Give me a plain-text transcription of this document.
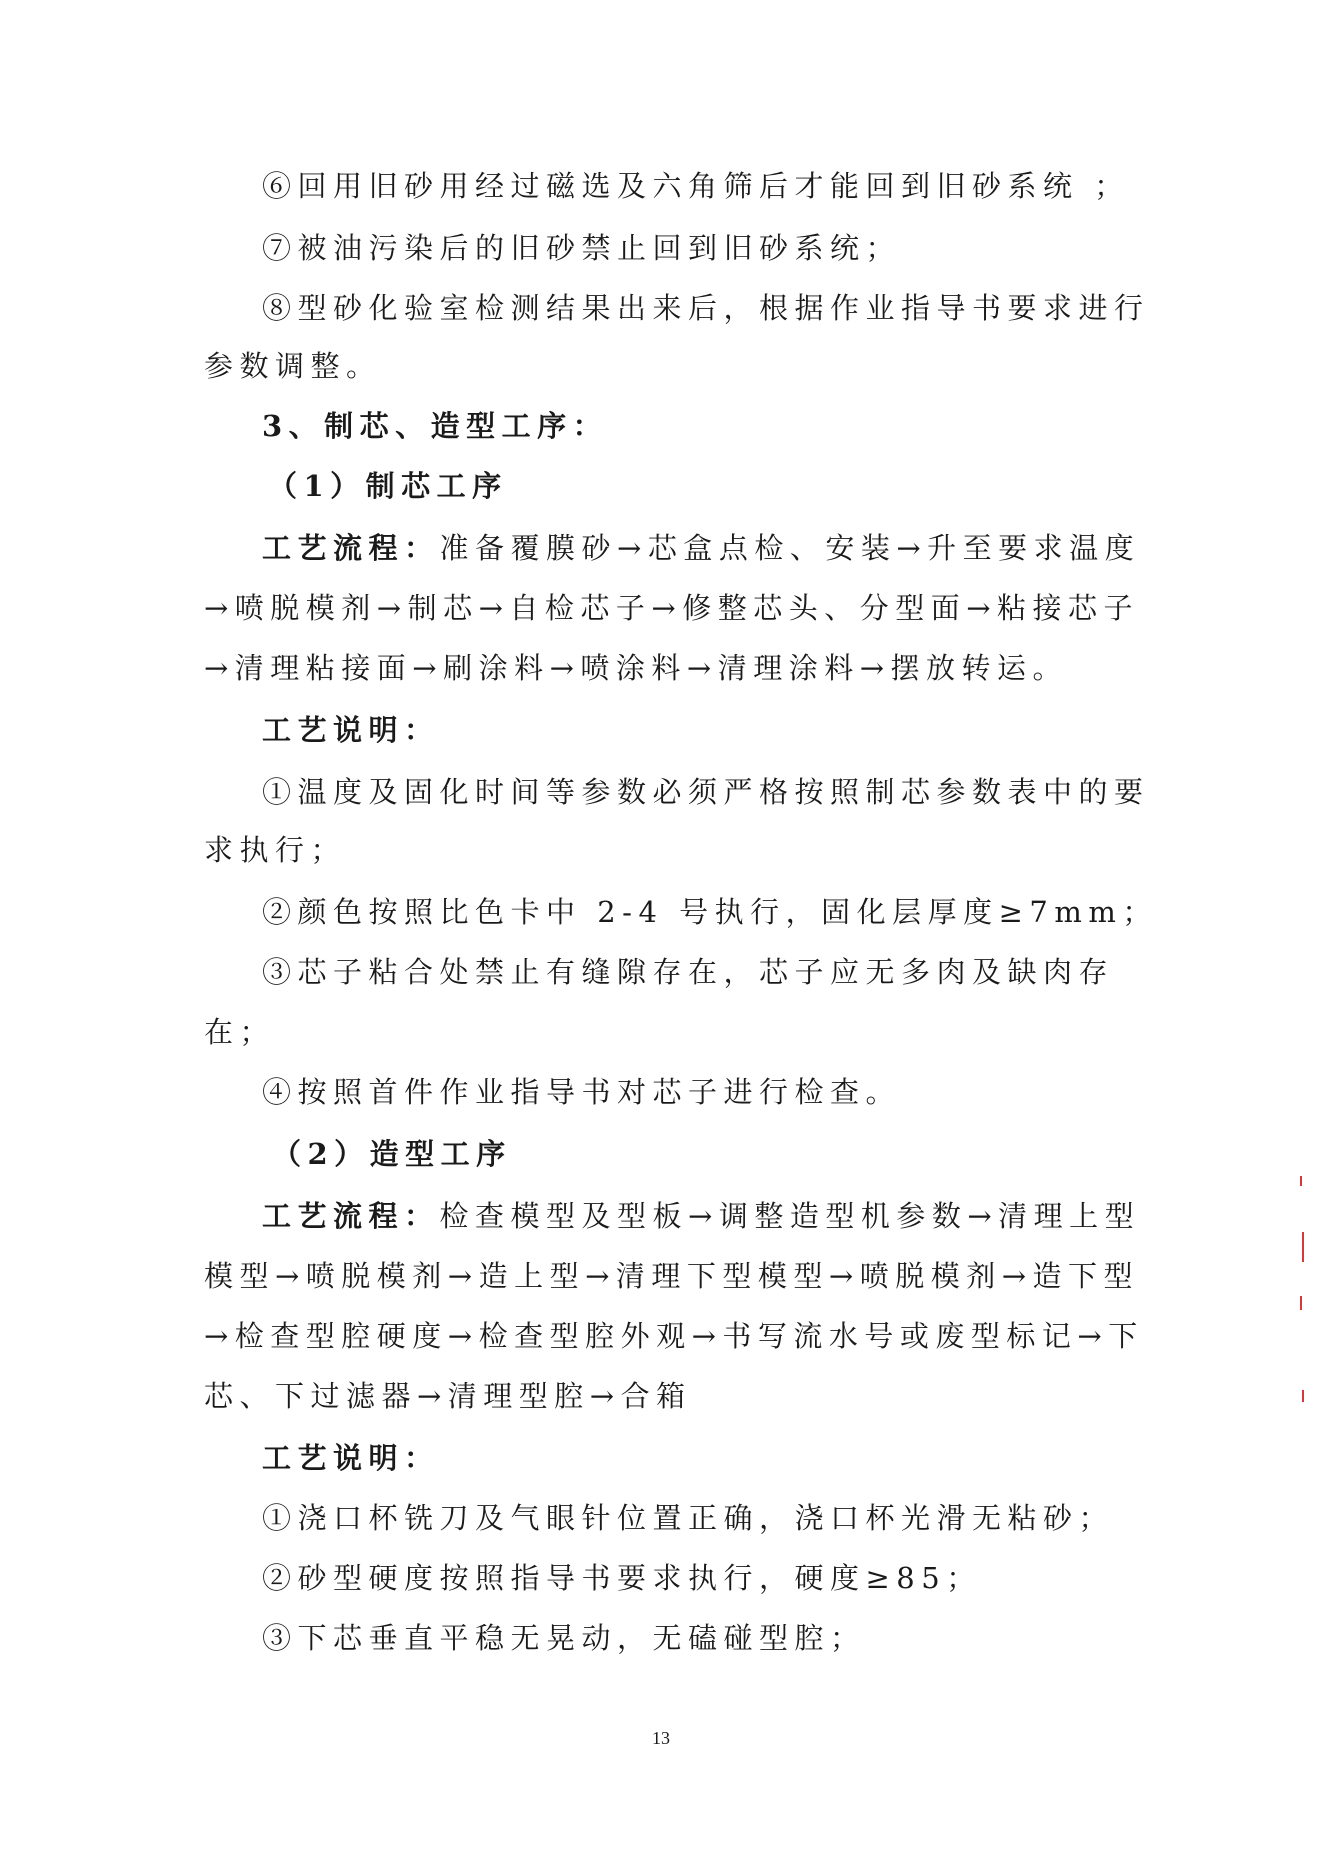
⑥回用旧砂用经过磁选及六角筛后才能回到旧砂系统 ；
⑦被油污染后的旧砂禁止回到旧砂系统；
⑧型砂化验室检测结果出来后，根据作业指导书要求进行
参数调整。
3、制芯、造型工序：
（1）制芯工序
工艺流程：准备覆膜砂→芯盒点检、安装→升至要求温度
→喷脱模剂→制芯→自检芯子→修整芯头、分型面→粘接芯子
→清理粘接面→刷涂料→喷涂料→清理涂料→摆放转运。
工艺说明：
①温度及固化时间等参数必须严格按照制芯参数表中的要
求执行；
②颜色按照比色卡中 2-4 号执行，固化层厚度≥7mm；
③芯子粘合处禁止有缝隙存在，芯子应无多肉及缺肉存
在；
④按照首件作业指导书对芯子进行检查。
（2）造型工序
工艺流程：检查模型及型板→调整造型机参数→清理上型
模型→喷脱模剂→造上型→清理下型模型→喷脱模剂→造下型
→检查型腔硬度→检查型腔外观→书写流水号或废型标记→下
芯、下过滤器→清理型腔→合箱
工艺说明：
①浇口杯铣刀及气眼针位置正确，浇口杯光滑无粘砂；
②砂型硬度按照指导书要求执行，硬度≥85；
③下芯垂直平稳无晃动，无磕碰型腔；
13
